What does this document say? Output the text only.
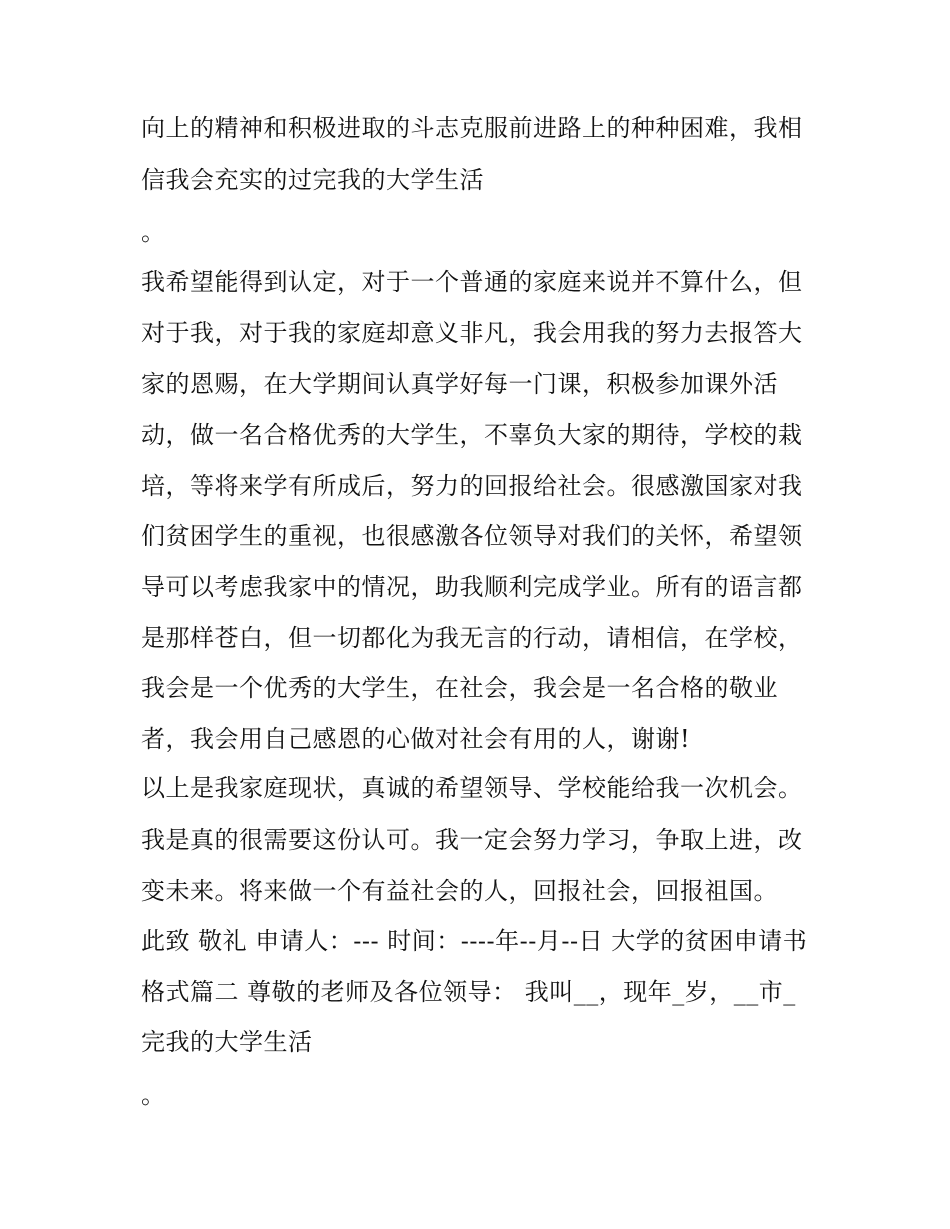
向上的精神和积极进取的斗志克服前进路上的种种困难，我相
信我会充实的过完我的大学生活
。
我希望能得到认定，对于一个普通的家庭来说并不算什么，但
对于我，对于我的家庭却意义非凡，我会用我的努力去报答大
家的恩赐，在大学期间认真学好每一门课，积极参加课外活
动，做一名合格优秀的大学生，不辜负大家的期待，学校的栽
培，等将来学有所成后，努力的回报给社会。很感激国家对我
们贫困学生的重视，也很感激各位领导对我们的关怀，希望领
导可以考虑我家中的情况，助我顺利完成学业。所有的语言都
是那样苍白，但一切都化为我无言的行动，请相信，在学校，
我会是一个优秀的大学生，在社会，我会是一名合格的敬业
者，我会用自己感恩的心做对社会有用的人，谢谢!
以上是我家庭现状，真诚的希望领导、学校能给我一次机会。
我是真的很需要这份认可。我一定会努力学习，争取上进，改
变未来。将来做一个有益社会的人，回报社会，回报祖国。
此致 敬礼 申请人：--- 时间：----年--月--日 大学的贫困申请书
格式篇二 尊敬的老师及各位领导： 我叫__，现年_岁，__市_
完我的大学生活
。
